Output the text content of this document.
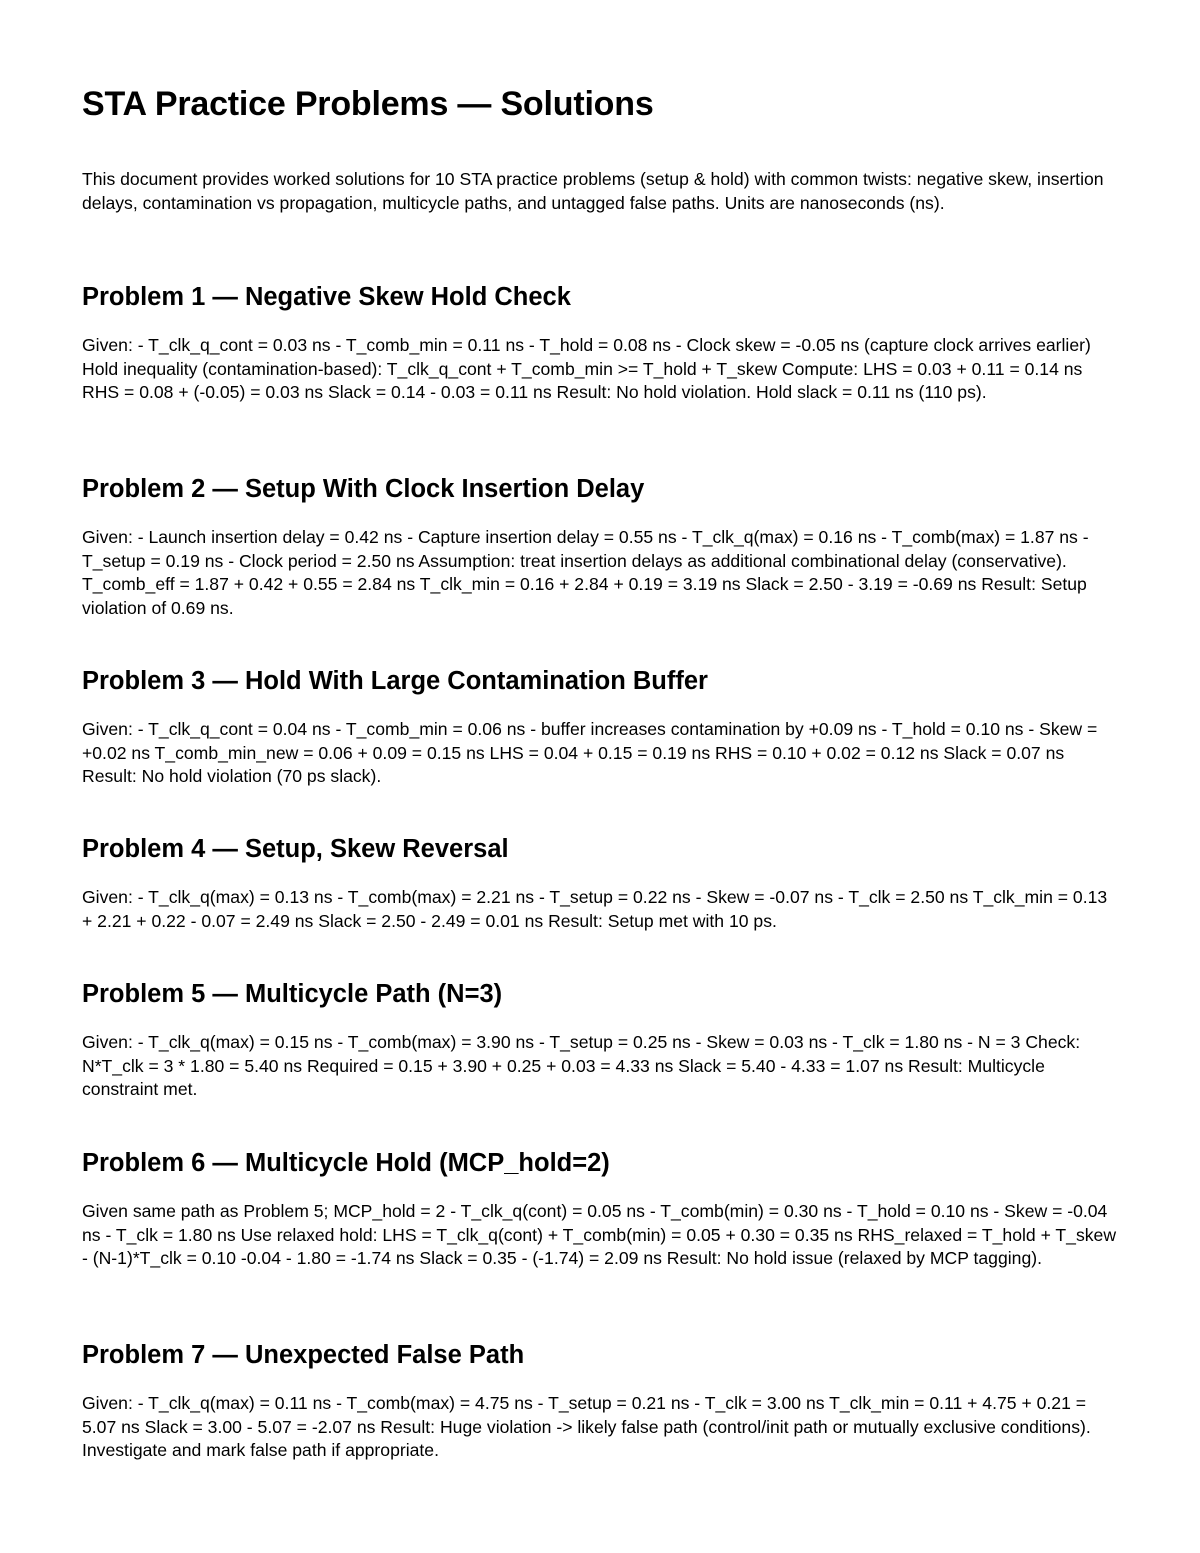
STA Practice Problems — Solutions

This document provides worked solutions for 10 STA practice problems (setup & hold) with common twists: negative skew, insertion delays, contamination vs propagation, multicycle paths, and untagged false paths. Units are nanoseconds (ns).

Problem 1 — Negative Skew Hold Check

Given: - T_clk_q_cont = 0.03 ns - T_comb_min = 0.11 ns - T_hold = 0.08 ns - Clock skew = -0.05 ns (capture clock arrives earlier) Hold inequality (contamination-based): T_clk_q_cont + T_comb_min >= T_hold + T_skew Compute: LHS = 0.03 + 0.11 = 0.14 ns RHS = 0.08 + (-0.05) = 0.03 ns Slack = 0.14 - 0.03 = 0.11 ns Result: No hold violation. Hold slack = 0.11 ns (110 ps).

Problem 2 — Setup With Clock Insertion Delay

Given: - Launch insertion delay = 0.42 ns - Capture insertion delay = 0.55 ns - T_clk_q(max) = 0.16 ns - T_comb(max) = 1.87 ns - T_setup = 0.19 ns - Clock period = 2.50 ns Assumption: treat insertion delays as additional combinational delay (conservative). T_comb_eff = 1.87 + 0.42 + 0.55 = 2.84 ns T_clk_min = 0.16 + 2.84 + 0.19 = 3.19 ns Slack = 2.50 - 3.19 = -0.69 ns Result: Setup violation of 0.69 ns.

Problem 3 — Hold With Large Contamination Buffer

Given: - T_clk_q_cont = 0.04 ns - T_comb_min = 0.06 ns - buffer increases contamination by +0.09 ns - T_hold = 0.10 ns - Skew = +0.02 ns T_comb_min_new = 0.06 + 0.09 = 0.15 ns LHS = 0.04 + 0.15 = 0.19 ns RHS = 0.10 + 0.02 = 0.12 ns Slack = 0.07 ns Result: No hold violation (70 ps slack).

Problem 4 — Setup, Skew Reversal

Given: - T_clk_q(max) = 0.13 ns - T_comb(max) = 2.21 ns - T_setup = 0.22 ns - Skew = -0.07 ns - T_clk = 2.50 ns T_clk_min = 0.13 + 2.21 + 0.22 - 0.07 = 2.49 ns Slack = 2.50 - 2.49 = 0.01 ns Result: Setup met with 10 ps.

Problem 5 — Multicycle Path (N=3)

Given: - T_clk_q(max) = 0.15 ns - T_comb(max) = 3.90 ns - T_setup = 0.25 ns - Skew = 0.03 ns - T_clk = 1.80 ns - N = 3 Check: N*T_clk = 3 * 1.80 = 5.40 ns Required = 0.15 + 3.90 + 0.25 + 0.03 = 4.33 ns Slack = 5.40 - 4.33 = 1.07 ns Result: Multicycle constraint met.

Problem 6 — Multicycle Hold (MCP_hold=2)

Given same path as Problem 5; MCP_hold = 2 - T_clk_q(cont) = 0.05 ns - T_comb(min) = 0.30 ns - T_hold = 0.10 ns - Skew = -0.04 ns - T_clk = 1.80 ns Use relaxed hold: LHS = T_clk_q(cont) + T_comb(min) = 0.05 + 0.30 = 0.35 ns RHS_relaxed = T_hold + T_skew - (N-1)*T_clk = 0.10 -0.04 - 1.80 = -1.74 ns Slack = 0.35 - (-1.74) = 2.09 ns Result: No hold issue (relaxed by MCP tagging).

Problem 7 — Unexpected False Path

Given: - T_clk_q(max) = 0.11 ns - T_comb(max) = 4.75 ns - T_setup = 0.21 ns - T_clk = 3.00 ns T_clk_min = 0.11 + 4.75 + 0.21 = 5.07 ns Slack = 3.00 - 5.07 = -2.07 ns Result: Huge violation -> likely false path (control/init path or mutually exclusive conditions). Investigate and mark false path if appropriate.
